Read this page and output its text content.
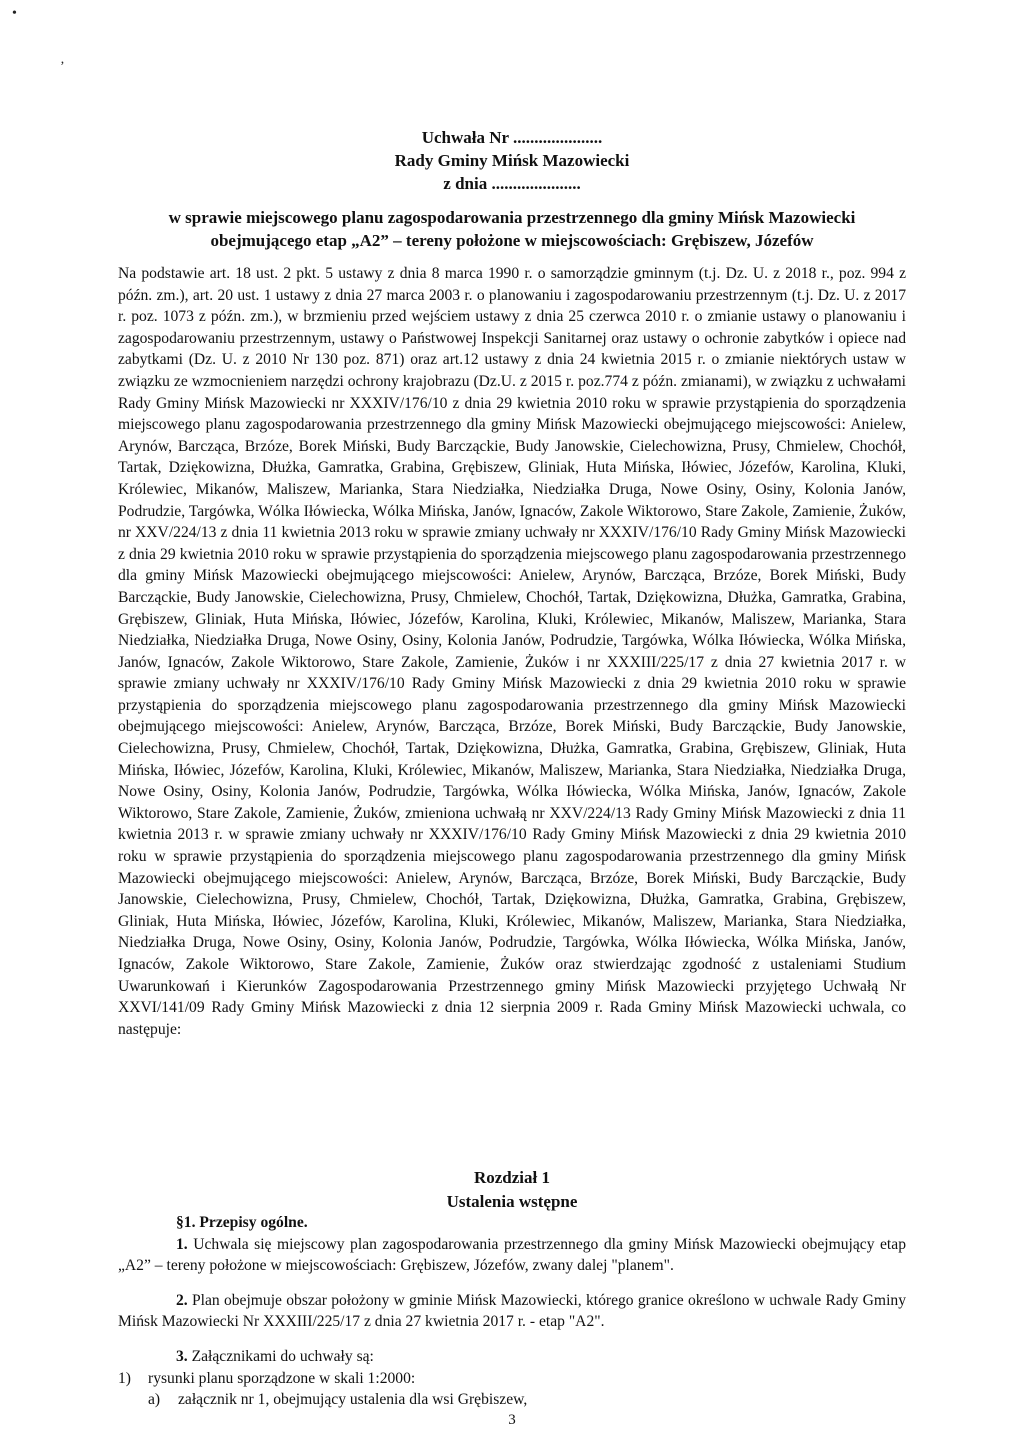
•
‚
Uchwała Nr .....................
Rady Gminy Mińsk Mazowiecki
z dnia .....................
w sprawie miejscowego planu zagospodarowania przestrzennego dla gminy Mińsk Mazowiecki
obejmującego etap „A2” – tereny położone w miejscowościach: Grębiszew, Józefów

Na podstawie art. 18 ust. 2 pkt. 5 ustawy z dnia 8 marca 1990 r. o samorządzie gminnym (t.j. Dz. U. z 2018 r., poz. 994 z późn. zm.), art. 20 ust. 1 ustawy z dnia 27 marca 2003 r. o planowaniu i zagospodarowaniu przestrzennym (t.j. Dz. U. z 2017 r. poz. 1073 z późn. zm.), w brzmieniu przed wejściem ustawy z dnia 25 czerwca 2010 r. o zmianie ustawy o planowaniu i zagospodarowaniu przestrzennym, ustawy o Państwowej Inspekcji Sanitarnej oraz ustawy o ochronie zabytków i opiece nad zabytkami (Dz. U. z 2010 Nr 130 poz. 871) oraz art.12 ustawy z dnia 24 kwietnia 2015 r. o zmianie niektórych ustaw w związku ze wzmocnieniem narzędzi ochrony krajobrazu (Dz.U. z 2015 r. poz.774 z późn. zmianami), w związku z uchwałami Rady Gminy Mińsk Mazowiecki nr XXXIV/176/10 z dnia 29 kwietnia 2010 roku w sprawie przystąpienia do sporządzenia miejscowego planu zagospodarowania przestrzennego dla gminy Mińsk Mazowiecki obejmującego miejscowości: Anielew, Arynów, Barcząca, Brzóze, Borek Miński, Budy Barcząckie, Budy Janowskie, Cielechowizna, Prusy, Chmielew, Chochół, Tartak, Dziękowizna, Dłużka, Gamratka, Grabina, Grębiszew, Gliniak, Huta Mińska, Iłówiec, Józefów, Karolina, Kluki, Królewiec, Mikanów, Maliszew, Marianka, Stara Niedziałka, Niedziałka Druga, Nowe Osiny, Osiny, Kolonia Janów, Podrudzie, Targówka, Wólka Iłówiecka, Wólka Mińska, Janów, Ignaców, Zakole Wiktorowo, Stare Zakole, Zamienie, Żuków, nr XXV/224/13 z dnia 11 kwietnia 2013 roku w sprawie zmiany uchwały nr XXXIV/176/10 Rady Gminy Mińsk Mazowiecki z dnia 29 kwietnia 2010 roku w sprawie przystąpienia do sporządzenia miejscowego planu zagospodarowania przestrzennego dla gminy Mińsk Mazowiecki obejmującego miejscowości: Anielew, Arynów, Barcząca, Brzóze, Borek Miński, Budy Barcząckie, Budy Janowskie, Cielechowizna, Prusy, Chmielew, Chochół, Tartak, Dziękowizna, Dłużka, Gamratka, Grabina, Grębiszew, Gliniak, Huta Mińska, Iłówiec, Józefów, Karolina, Kluki, Królewiec, Mikanów, Maliszew, Marianka, Stara Niedziałka, Niedziałka Druga, Nowe Osiny, Osiny, Kolonia Janów, Podrudzie, Targówka, Wólka Iłówiecka, Wólka Mińska, Janów, Ignaców, Zakole Wiktorowo, Stare Zakole, Zamienie, Żuków i nr XXXIII/225/17 z dnia 27 kwietnia 2017 r. w sprawie zmiany uchwały nr XXXIV/176/10 Rady Gminy Mińsk Mazowiecki z dnia 29 kwietnia 2010 roku w sprawie przystąpienia do sporządzenia miejscowego planu zagospodarowania przestrzennego dla gminy Mińsk Mazowiecki obejmującego miejscowości: Anielew, Arynów, Barcząca, Brzóze, Borek Miński, Budy Barcząckie, Budy Janowskie, Cielechowizna, Prusy, Chmielew, Chochół, Tartak, Dziękowizna, Dłużka, Gamratka, Grabina, Grębiszew, Gliniak, Huta Mińska, Iłówiec, Józefów, Karolina, Kluki, Królewiec, Mikanów, Maliszew, Marianka, Stara Niedziałka, Niedziałka Druga, Nowe Osiny, Osiny, Kolonia Janów, Podrudzie, Targówka, Wólka Iłówiecka, Wólka Mińska, Janów, Ignaców, Zakole Wiktorowo, Stare Zakole, Zamienie, Żuków, zmieniona uchwałą nr XXV/224/13 Rady Gminy Mińsk Mazowiecki z dnia 11 kwietnia 2013 r. w sprawie zmiany uchwały nr XXXIV/176/10 Rady Gminy Mińsk Mazowiecki z dnia 29 kwietnia 2010 roku w sprawie przystąpienia do sporządzenia miejscowego planu zagospodarowania przestrzennego dla gminy Mińsk Mazowiecki obejmującego miejscowości: Anielew, Arynów, Barcząca, Brzóze, Borek Miński, Budy Barcząckie, Budy Janowskie, Cielechowizna, Prusy, Chmielew, Chochół, Tartak, Dziękowizna, Dłużka, Gamratka, Grabina, Grębiszew, Gliniak, Huta Mińska, Iłówiec, Józefów, Karolina, Kluki, Królewiec, Mikanów, Maliszew, Marianka, Stara Niedziałka, Niedziałka Druga, Nowe Osiny, Osiny, Kolonia Janów, Podrudzie, Targówka, Wólka Iłówiecka, Wólka Mińska, Janów, Ignaców, Zakole Wiktorowo, Stare Zakole, Zamienie, Żuków oraz stwierdzając zgodność z ustaleniami Studium Uwarunkowań i Kierunków Zagospodarowania Przestrzennego gminy Mińsk Mazowiecki przyjętego Uchwałą Nr XXVI/141/09 Rady Gminy Mińsk Mazowiecki z dnia 12 sierpnia 2009 r. Rada Gminy Mińsk Mazowiecki uchwala, co następuje:

Rozdział 1
Ustalenia wstępne

§1. Przepisy ogólne.

1. Uchwala się miejscowy plan zagospodarowania przestrzennego dla gminy Mińsk Mazowiecki obejmujący etap „A2” – tereny położone w miejscowościach: Grębiszew, Józefów, zwany dalej "planem".

2. Plan obejmuje obszar położony w gminie Mińsk Mazowiecki, którego granice określono w uchwale Rady Gminy Mińsk Mazowiecki Nr XXXIII/225/17 z dnia 27 kwietnia 2017 r. - etap "A2".

3. Załącznikami do uchwały są:

1)	rysunki planu sporządzone w skali 1:2000:
a)	załącznik nr 1, obejmujący ustalenia dla wsi Grębiszew,
3
